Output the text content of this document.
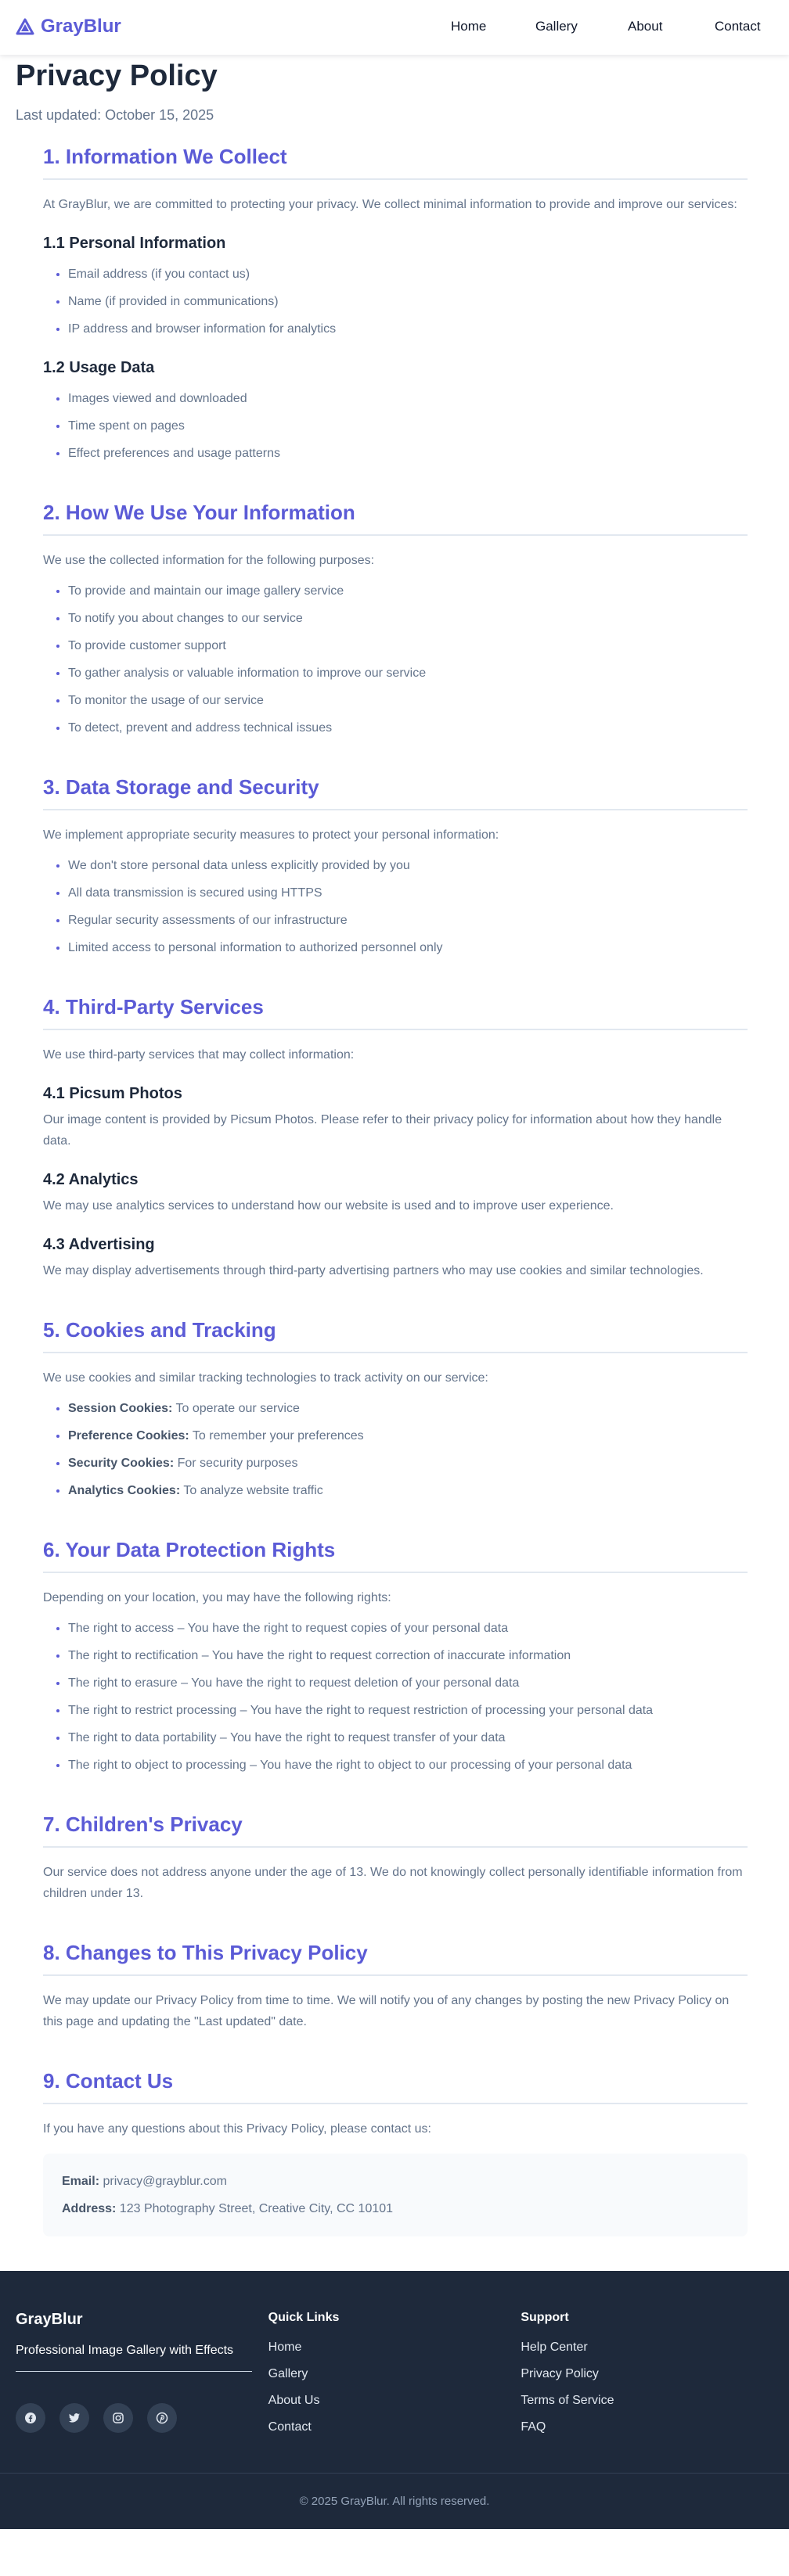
GrayBlur	Home	Gallery	About	Contact
Privacy Policy

Last updated: October 15, 2025

1. Information We Collect

At GrayBlur, we are committed to protecting your privacy. We collect minimal information to provide and improve our services:

1.1 Personal Information
• Email address (if you contact us)
• Name (if provided in communications)
• IP address and browser information for analytics
1.2 Usage Data
• Images viewed and downloaded
• Time spent on pages
• Effect preferences and usage patterns
2. How We Use Your Information

We use the collected information for the following purposes:

• To provide and maintain our image gallery service
• To notify you about changes to our service
• To provide customer support
• To gather analysis or valuable information to improve our service
• To monitor the usage of our service
• To detect, prevent and address technical issues
3. Data Storage and Security

We implement appropriate security measures to protect your personal information:

• We don't store personal data unless explicitly provided by you
• All data transmission is secured using HTTPS
• Regular security assessments of our infrastructure
• Limited access to personal information to authorized personnel only
4. Third-Party Services

We use third-party services that may collect information:

4.1 Picsum Photos

Our image content is provided by Picsum Photos. Please refer to their privacy policy for information about how they handle data.

4.2 Analytics

We may use analytics services to understand how our website is used and to improve user experience.

4.3 Advertising

We may display advertisements through third-party advertising partners who may use cookies and similar technologies.

5. Cookies and Tracking

We use cookies and similar tracking technologies to track activity on our service:

• Session Cookies: To operate our service
• Preference Cookies: To remember your preferences
• Security Cookies: For security purposes
• Analytics Cookies: To analyze website traffic
6. Your Data Protection Rights

Depending on your location, you may have the following rights:

• The right to access – You have the right to request copies of your personal data
• The right to rectification – You have the right to request correction of inaccurate information
• The right to erasure – You have the right to request deletion of your personal data
• The right to restrict processing – You have the right to request restriction of processing your personal data
• The right to data portability – You have the right to request transfer of your data
• The right to object to processing – You have the right to object to our processing of your personal data
7. Children's Privacy

Our service does not address anyone under the age of 13. We do not knowingly collect personally identifiable information from children under 13.

8. Changes to This Privacy Policy

We may update our Privacy Policy from time to time. We will notify you of any changes by posting the new Privacy Policy on this page and updating the "Last updated" date.

9. Contact Us

If you have any questions about this Privacy Policy, please contact us:

Email: privacy@grayblur.com

Address: 123 Photography Street, Creative City, CC 10101

GrayBlur
Professional Image Gallery with Effects
Quick Links
Home
Gallery
About Us
Contact
Support
Help Center
Privacy Policy
Terms of Service
FAQ
© 2025 GrayBlur. All rights reserved.
